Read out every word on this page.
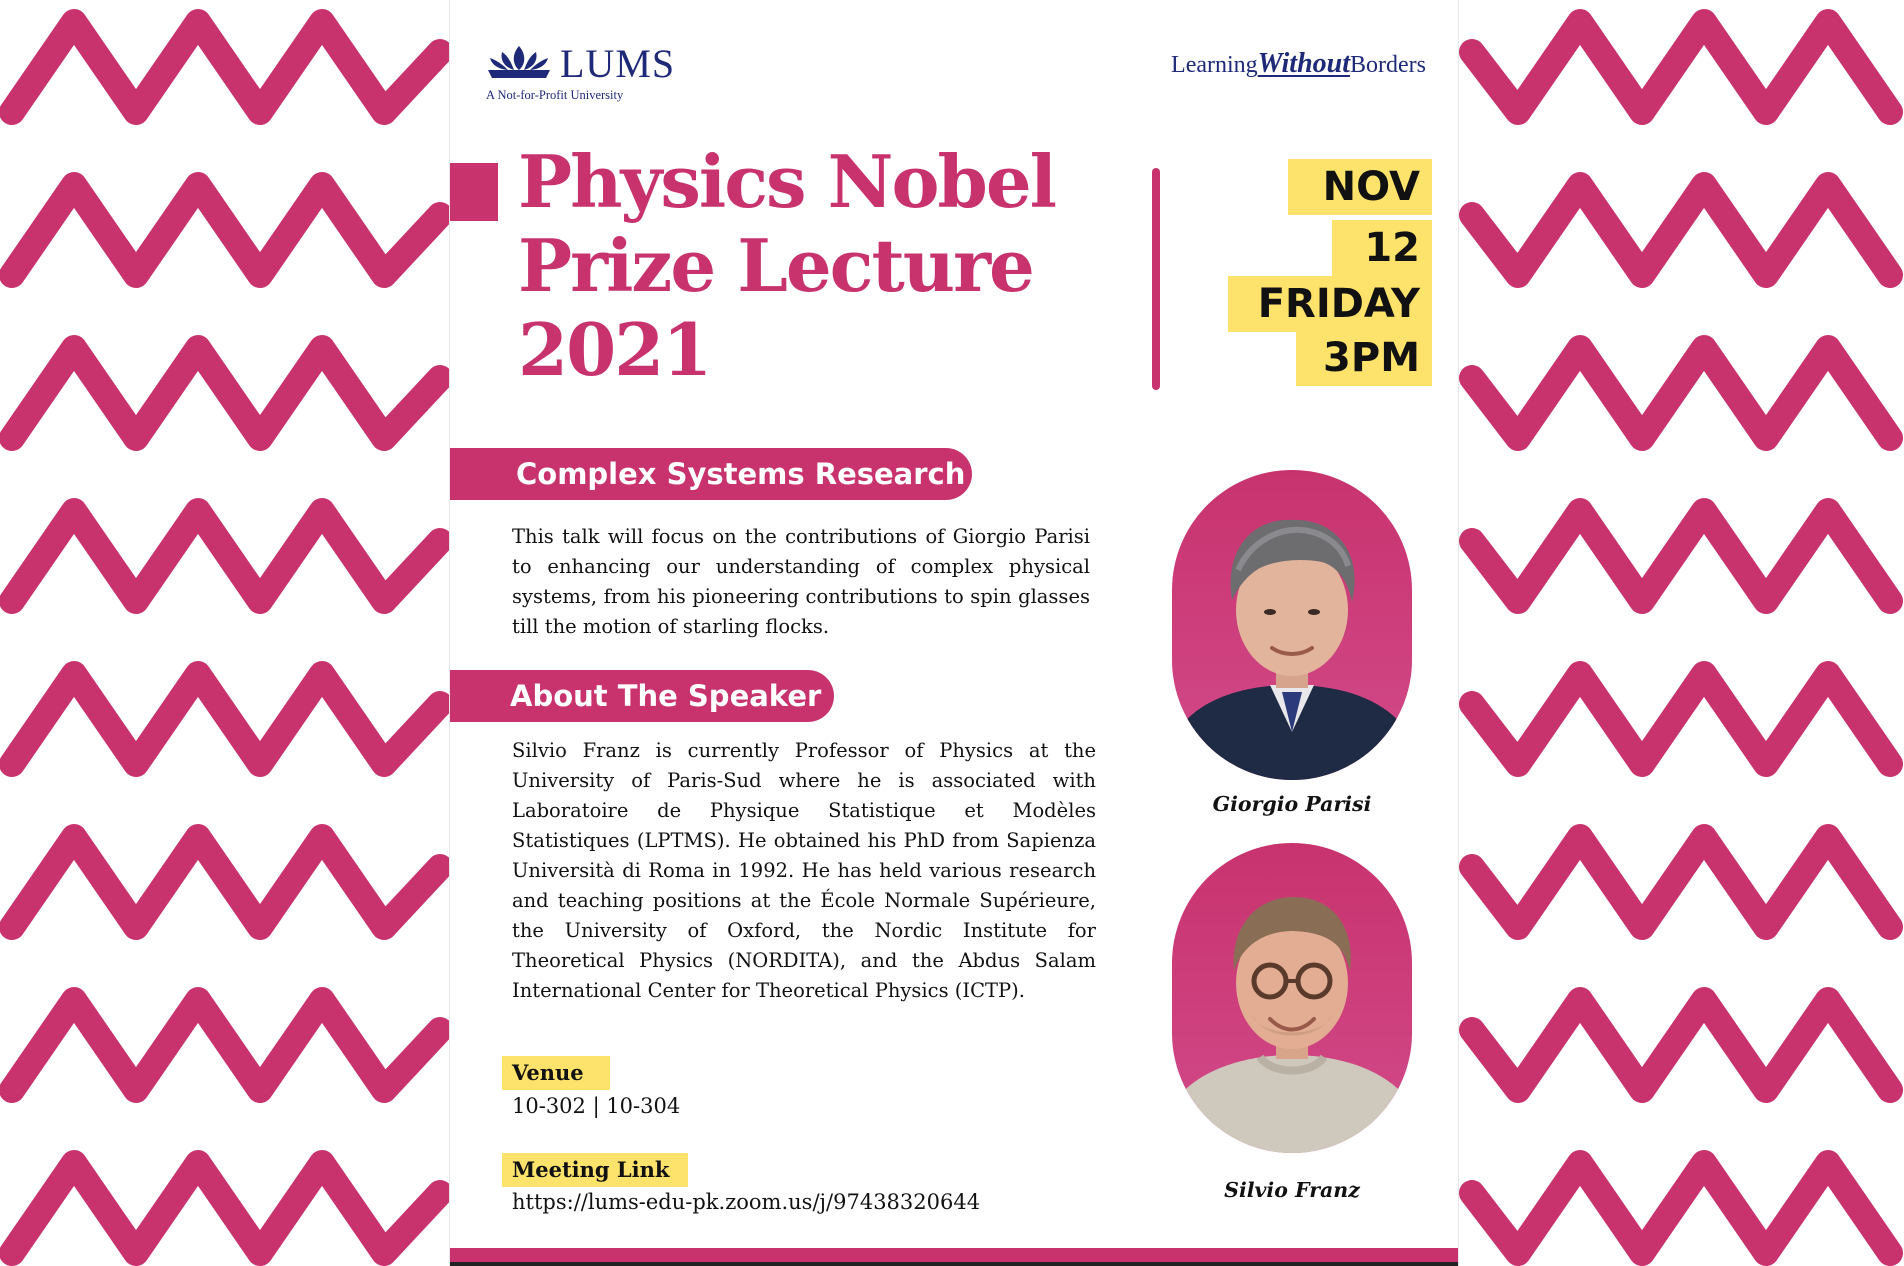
LUMS
A Not-for-Profit University
LearningWithoutBorders
Physics Nobel
Prize Lecture
2021
NOV
12
FRIDAY
3PM
Complex Systems Research

This talk will focus on the contributions of Giorgio Parisi to enhancing our understanding of complex physical systems, from his pioneering contributions to spin glasses till the motion of starling flocks.

About The Speaker

Silvio Franz is currently Professor of Physics at the University of Paris-Sud where he is associated with Laboratoire de Physique Statistique et Modèles Statistiques (LPTMS). He obtained his PhD from Sapienza Università di Roma in 1992. He has held various research and teaching positions at the École Normale Supérieure, the University of Oxford, the Nordic Institute for Theoretical Physics (NORDITA), and the Abdus Salam International Center for Theoretical Physics (ICTP).

Venue
10-302 | 10-304
Meeting Link
https://lums-edu-pk.zoom.us/j/97438320644
Giorgio Parisi
Silvio Franz
